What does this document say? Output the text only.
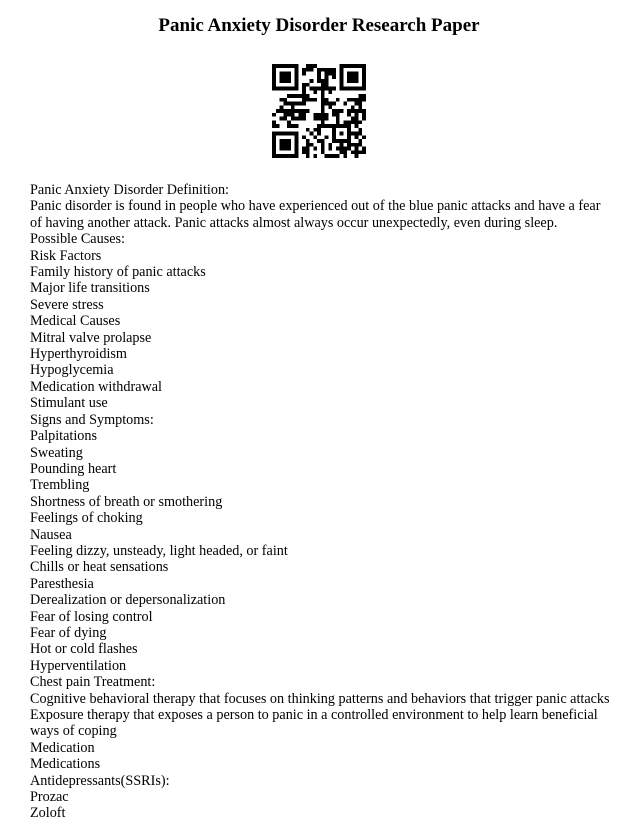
Panic Anxiety Disorder Research Paper

Panic Anxiety Disorder Definition:

Panic disorder is found in people who have experienced out of the blue panic attacks and have a fear of having another attack. Panic attacks almost always occur unexpectedly, even during sleep.

Possible Causes:

Risk Factors

Family history of panic attacks

Major life transitions

Severe stress

Medical Causes

Mitral valve prolapse

Hyperthyroidism

Hypoglycemia

Medication withdrawal

Stimulant use

Signs and Symptoms:

Palpitations

Sweating

Pounding heart

Trembling

Shortness of breath or smothering

Feelings of choking

Nausea

Feeling dizzy, unsteady, light headed, or faint

Chills or heat sensations

Paresthesia

Derealization or depersonalization

Fear of losing control

Fear of dying

Hot or cold flashes

Hyperventilation

Chest pain Treatment:

Cognitive behavioral therapy that focuses on thinking patterns and behaviors that trigger panic attacks

Exposure therapy that exposes a person to panic in a controlled environment to help learn beneficial ways of coping

Medication

Medications

Antidepressants(SSRIs):

Prozac

Zoloft
